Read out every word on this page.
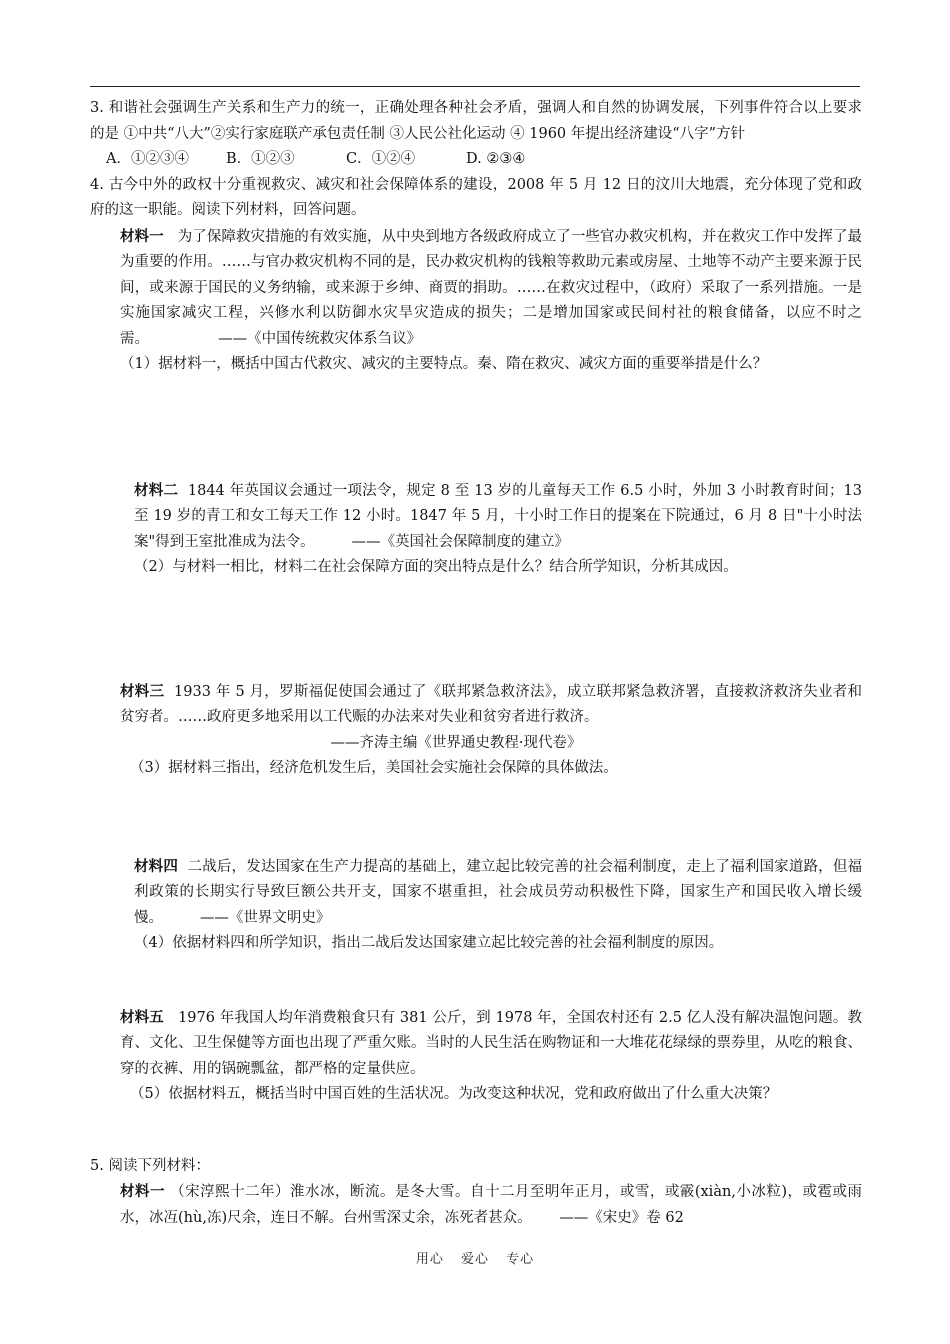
3. 和谐社会强调生产关系和生产力的统一，正确处理各种社会矛盾，强调人和自然的协调发展，下列事件符合以上要求的是 ①中共“八大”②实行家庭联产承包责任制 ③人民公社化运动 ④ 1960 年提出经济建设“八字”方针

A．①②③④	B．①②③	C．①②④	D. ②③④

4. 古今中外的政权十分重视救灾、减灾和社会保障体系的建设，2008 年 5 月 12 日的汶川大地震，充分体现了党和政府的这一职能。阅读下列材料，回答问题。

材料一 为了保障救灾措施的有效实施，从中央到地方各级政府成立了一些官办救灾机构，并在救灾工作中发挥了最为重要的作用。……与官办救灾机构不同的是，民办救灾机构的钱粮等救助元素或房屋、土地等不动产主要来源于民间，或来源于国民的义务纳输，或来源于乡绅、商贾的捐助。……在救灾过程中，（政府）采取了一系列措施。一是实施国家减灾工程，兴修水利以防御水灾旱灾造成的损失；二是增加国家或民间村社的粮食储备，以应不时之需。	——《中国传统救灾体系刍议》

（1）据材料一，概括中国古代救灾、减灾的主要特点。秦、隋在救灾、减灾方面的重要举措是什么？

材料二 1844 年英国议会通过一项法令，规定 8 至 13 岁的儿童每天工作 6.5 小时，外加 3 小时教育时间；13 至 19 岁的青工和女工每天工作 12 小时。1847 年 5 月，十小时工作日的提案在下院通过，6 月 8 日"十小时法案"得到王室批准成为法令。	——《英国社会保障制度的建立》

（2）与材料一相比，材料二在社会保障方面的突出特点是什么？结合所学知识，分析其成因。

材料三 1933 年 5 月，罗斯福促使国会通过了《联邦紧急救济法》，成立联邦紧急救济署，直接救济救济失业者和贫穷者。……政府更多地采用以工代赈的办法来对失业和贫穷者进行救济。

——齐涛主编《世界通史教程·现代卷》

（3）据材料三指出，经济危机发生后，美国社会实施社会保障的具体做法。

材料四 二战后，发达国家在生产力提高的基础上，建立起比较完善的社会福利制度，走上了福利国家道路，但福利政策的长期实行导致巨额公共开支，国家不堪重担，社会成员劳动积极性下降，国家生产和国民收入增长缓慢。	——《世界文明史》

（4）依据材料四和所学知识，指出二战后发达国家建立起比较完善的社会福利制度的原因。

材料五 1976 年我国人均年消费粮食只有 381 公斤，到 1978 年，全国农村还有 2.5 亿人没有解决温饱问题。教育、文化、卫生保健等方面也出现了严重欠账。当时的人民生活在购物证和一大堆花花绿绿的票券里，从吃的粮食、穿的衣裤、用的锅碗瓢盆，都严格的定量供应。

（5）依据材料五，概括当时中国百姓的生活状况。为改变这种状况，党和政府做出了什么重大决策？

5. 阅读下列材料：

材料一 （宋淳熙十二年）淮水冰，断流。是冬大雪。自十二月至明年正月，或雪，或霰(xiàn,小冰粒)，或雹或雨水，冰冱(hù,冻)尺余，连日不解。台州雪深丈余，冻死者甚众。 ——《宋史》卷 62

用心 爱心 专心
